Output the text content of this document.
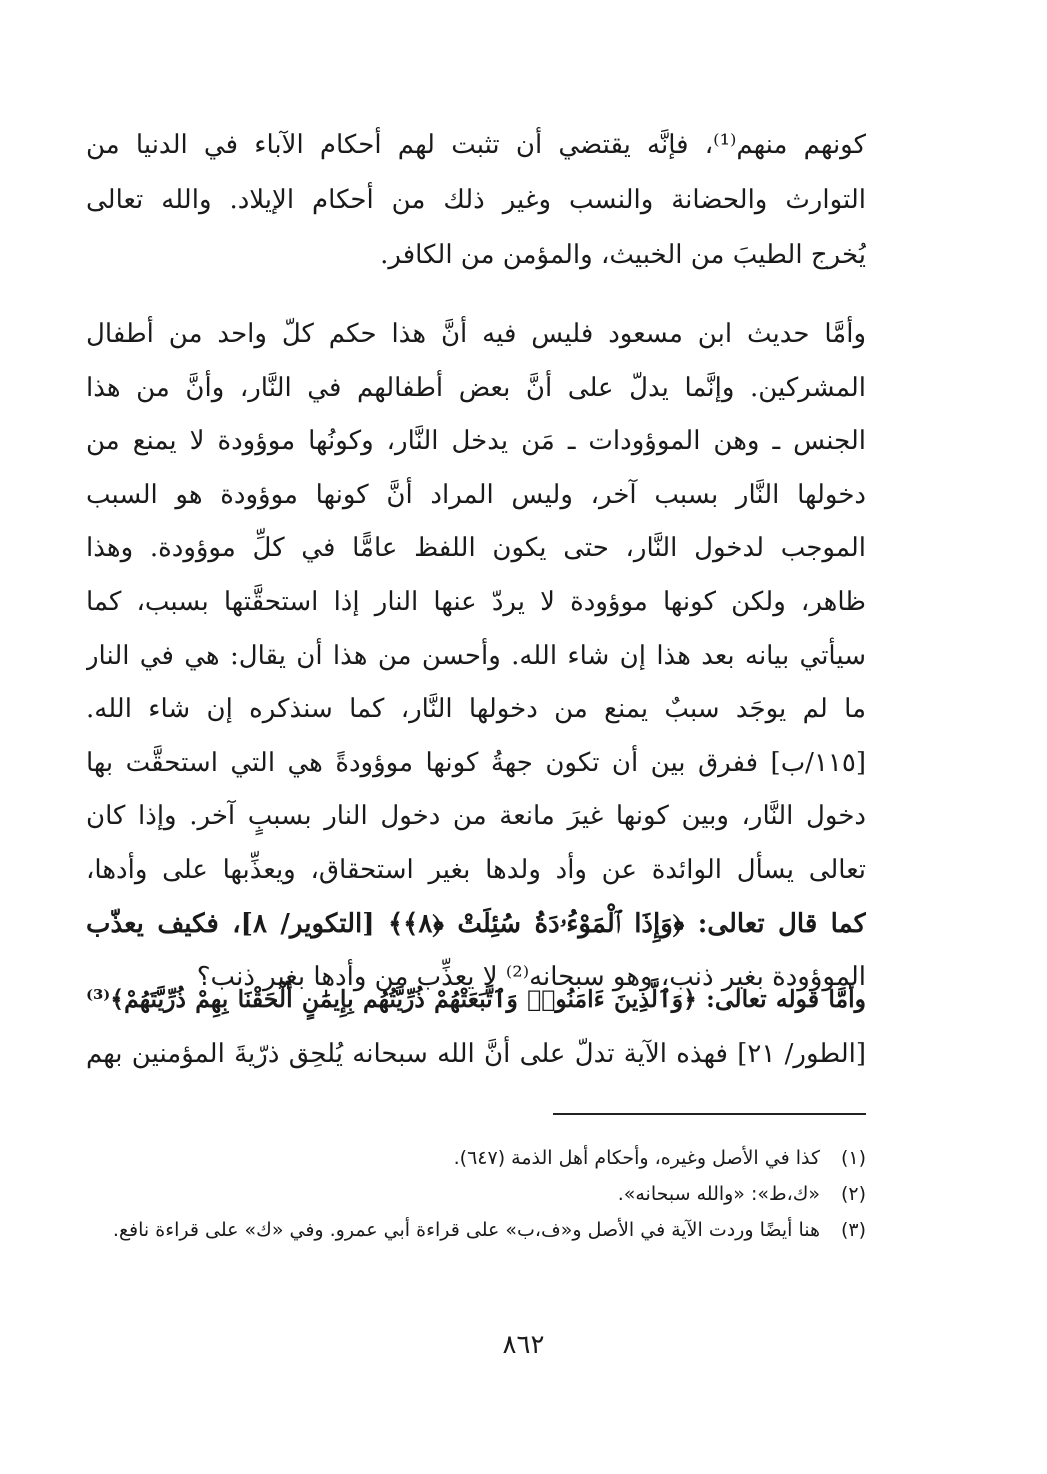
كونهم منهم⁽¹⁾، فإنَّه يقتضي أن تثبت لهم أحكام الآباء في الدنيا من
التوارث والحضانة والنسب وغير ذلك من أحكام الإيلاد. والله تعالى
يُخرج الطيبَ من الخبيث، والمؤمن من الكافر.
وأمَّا حديث ابن مسعود فليس فيه أنَّ هذا حكم كلّ واحد من أطفال
المشركين. وإنَّما يدلّ على أنَّ بعض أطفالهم في النَّار، وأنَّ من هذا
الجنس ـ وهن الموؤودات ـ مَن يدخل النَّار، وكونُها موؤودة لا يمنع من
دخولها النَّار بسبب آخر، وليس المراد أنَّ كونها موؤودة هو السبب
الموجب لدخول النَّار، حتى يكون اللفظ عامًّا في كلِّ موؤودة. وهذا
ظاهر، ولكن كونها موؤودة لا يردّ عنها النار إذا استحقَّتها بسبب، كما
سيأتي بيانه بعد هذا إن شاء الله. وأحسن من هذا أن يقال: هي في النار
ما لم يوجَد سببٌ يمنع من دخولها النَّار، كما سنذكره إن شاء الله.
[١١٥/ب] ففرق بين أن تكون جهةُ كونها موؤودةً هي التي استحقَّت بها
دخول النَّار، وبين كونها غيرَ مانعة من دخول النار بسببٍ آخر. وإذا كان
تعالى يسأل الوائدة عن وأد ولدها بغير استحقاق، ويعذِّبها على وأدها،
كما قال تعالى: ﴿وَإِذَا ٱلْمَوْءُۥدَةُ سُئِلَتْ ﴿٨﴾﴾ [التكوير/ ٨]، فكيف يعذّب
الموؤودة بغير ذنب، وهو سبحانه⁽²⁾ لا يعذِّب من وأدها بغير ذنب؟
وأمَّا قوله تعالى: ﴿وَٱلَّذِينَ ءَامَنُوا۟ وَٱتَّبَعَتْهُمْ ذُرِّيَّتُهُم بِإِيمَٰنٍ أَلْحَقْنَا بِهِمْ ذُرِّيَّتَهُمْ﴾⁽³⁾
[الطور/ ٢١] فهذه الآية تدلّ على أنَّ الله سبحانه يُلحِق ذرّيةَ المؤمنين بهم
(١)
كذا في الأصل وغيره، وأحكام أهل الذمة (٦٤٧).
(٢)
«ك،ط»: «والله سبحانه».
(٣)
هنا أيضًا وردت الآية في الأصل و«ف،ب» على قراءة أبي عمرو. وفي «ك» على قراءة نافع.
٨٦٢
